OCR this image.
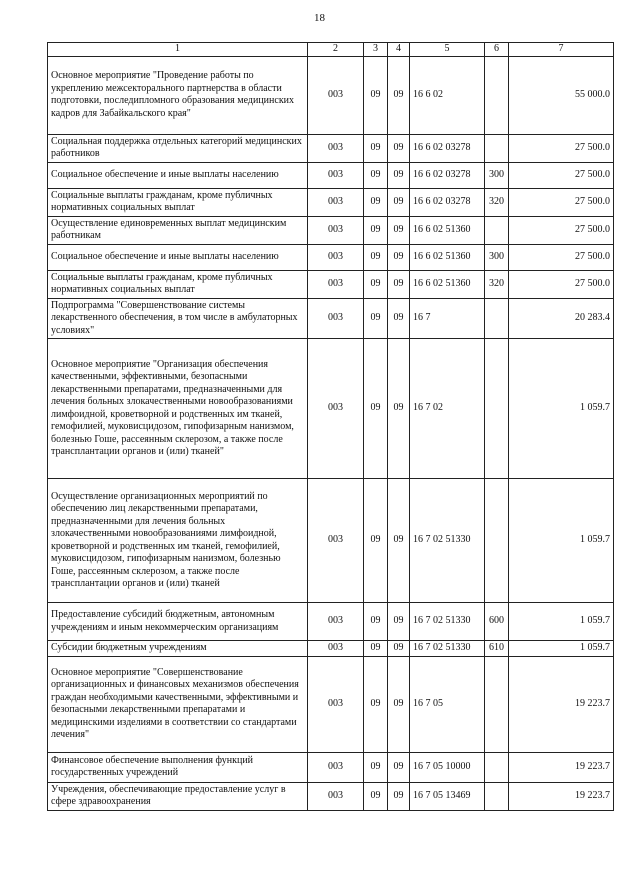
18
1	2	3	4	5	6	7
Основное мероприятие "Проведение работы по укреплению межсекторального партнерства в области подготовки, последипломного образования медицинских кадров для Забайкальского края"	003	09	09	16 6 02		55 000.0
Социальная поддержка отдельных категорий медицинских работников	003	09	09	16 6 02 03278		27 500.0
Социальное обеспечение и иные выплаты населению	003	09	09	16 6 02 03278	300	27 500.0
Социальные выплаты гражданам, кроме публичных нормативных социальных выплат	003	09	09	16 6 02 03278	320	27 500.0
Осуществление единовременных выплат медицинским работникам	003	09	09	16 6 02 51360		27 500.0
Социальное обеспечение и иные выплаты населению	003	09	09	16 6 02 51360	300	27 500.0
Социальные выплаты гражданам, кроме публичных нормативных социальных выплат	003	09	09	16 6 02 51360	320	27 500.0
Подпрограмма "Совершенствование системы лекарственного обеспечения, в том числе в амбулаторных условиях"	003	09	09	16 7		20 283.4
Основное мероприятие "Организация обеспечения качественными, эффективными, безопасными лекарственными препаратами, предназначенными для лечения больных злокачественными новообразованиями лимфоидной, кроветворной и родственных им тканей, гемофилией, муковисцидозом, гипофизарным нанизмом, болезнью Гоше, рассеянным склерозом, а также после трансплантации органов и (или) тканей"	003	09	09	16 7 02		1 059.7
Осуществление организационных мероприятий по обеспечению лиц лекарственными препаратами, предназначенными для лечения больных злокачественными новообразованиями лимфоидной, кроветворной и родственных им тканей, гемофилией, муковисцидозом, гипофизарным нанизмом, болезнью Гоше, рассеянным склерозом, а также после трансплантации органов и (или) тканей	003	09	09	16 7 02 51330		1 059.7
Предоставление субсидий бюджетным, автономным учреждениям и иным некоммерческим организациям	003	09	09	16 7 02 51330	600	1 059.7
Субсидии бюджетным учреждениям	003	09	09	16 7 02 51330	610	1 059.7
Основное мероприятие "Совершенствование организационных и финансовых механизмов обеспечения граждан необходимыми качественными, эффективными и безопасными лекарственными препаратами и медицинскими изделиями в соответствии со стандартами лечения"	003	09	09	16 7 05		19 223.7
Финансовое обеспечение выполнения функций государственных учреждений	003	09	09	16 7 05 10000		19 223.7
Учреждения, обеспечивающие предоставление услуг в сфере здравоохранения	003	09	09	16 7 05 13469		19 223.7
